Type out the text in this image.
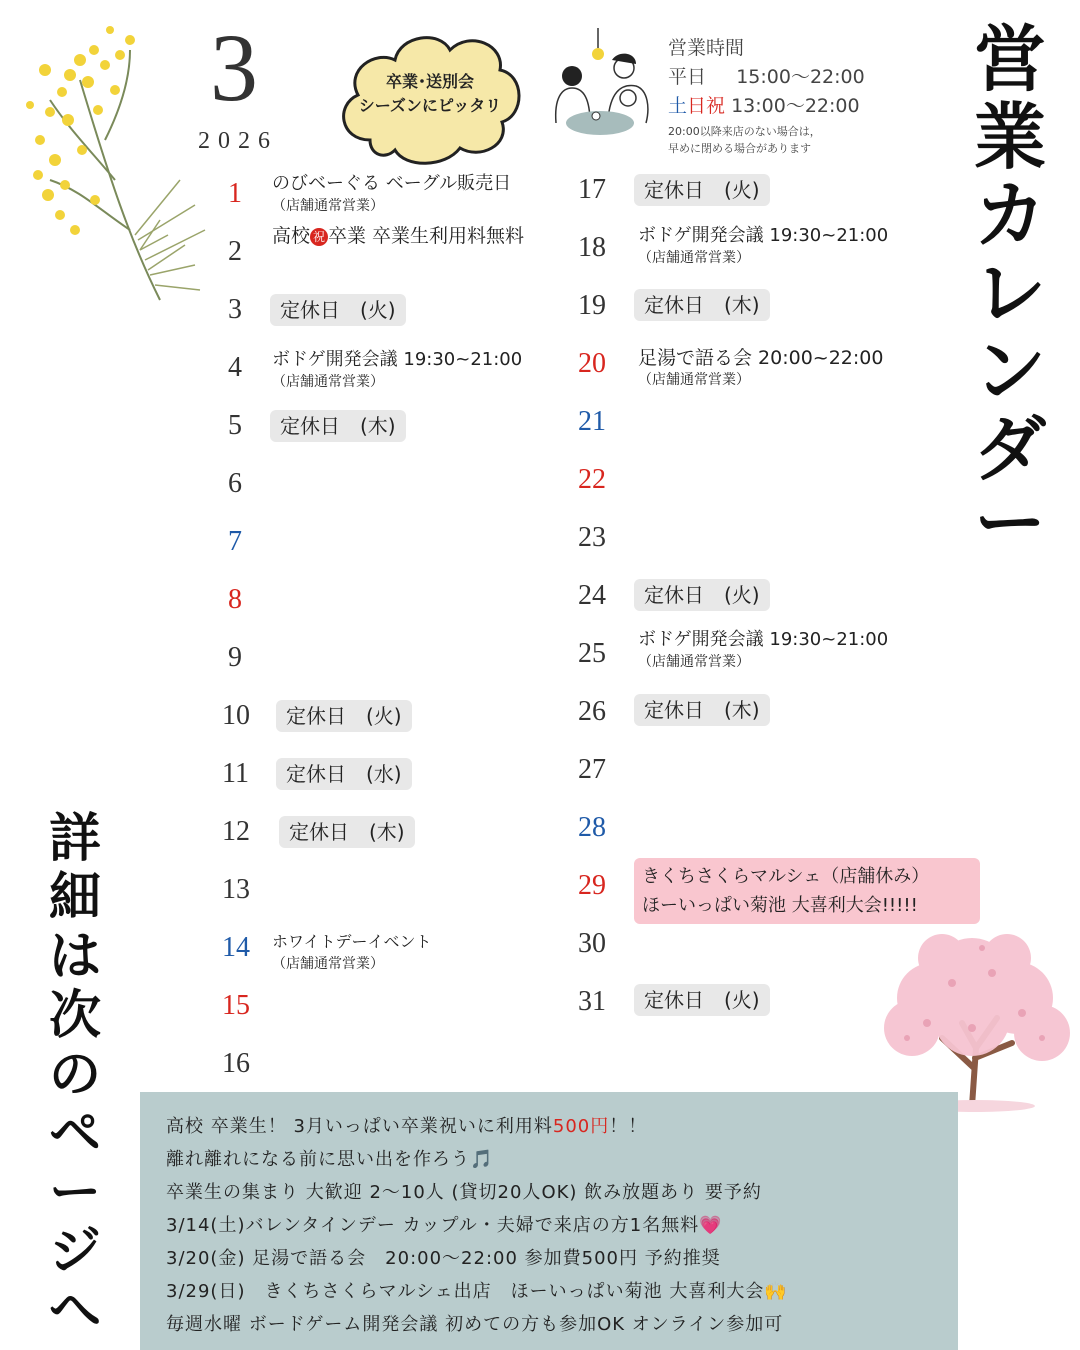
3
2026
卒業･送別会
シーズンにピッタリ
営業時間
平日 15:00～22:00
土日祝 13:00～22:00
20:00以降来店のない場合は，
早めに閉める場合があります
営
業
カ
レ
ン
ダ
ー
詳
細
は
次
の
ペ
ー
ジ
へ
1
2
3
4
5
6
7
8
9
10
11
12
13
14
15
16
17
18
19
20
21
22
23
24
25
26
27
28
29
30
31
のびベーぐる ベーグル販売日
（店舗通常営業）
高校 祝 卒業 卒業生利用料無料
定休日　(火)
ボドゲ開発会議 19:30~21:00
（店舗通常営業）
定休日　(木)
定休日　(火)
定休日　(水)
定休日　(木)
ホワイトデーイベント
（店舗通常営業）
定休日　(火)
ボドゲ開発会議 19:30~21:00
（店舗通常営業）
定休日　(木)
足湯で語る会 20:00~22:00
（店舗通常営業）
定休日　(火)
ボドゲ開発会議 19:30~21:00
（店舗通常営業）
定休日　(木)
きくちさくらマルシェ（店舗休み）
ほーいっぱい菊池 大喜利大会!!!!!
定休日　(火)
高校 卒業生！ 3月いっぱい卒業祝いに利用料500円！！
離れ離れになる前に思い出を作ろう🎵
卒業生の集まり 大歓迎 2～10人 (貸切20人OK) 飲み放題あり 要予約
3/14(土)バレンタインデー カップル・夫婦で来店の方1名無料💗
3/20(金) 足湯で語る会　20:00～22:00 参加費500円 予約推奨
3/29(日)　きくちさくらマルシェ出店　ほーいっぱい菊池 大喜利大会🙌
毎週水曜 ボードゲーム開発会議 初めての方も参加OK オンライン参加可
